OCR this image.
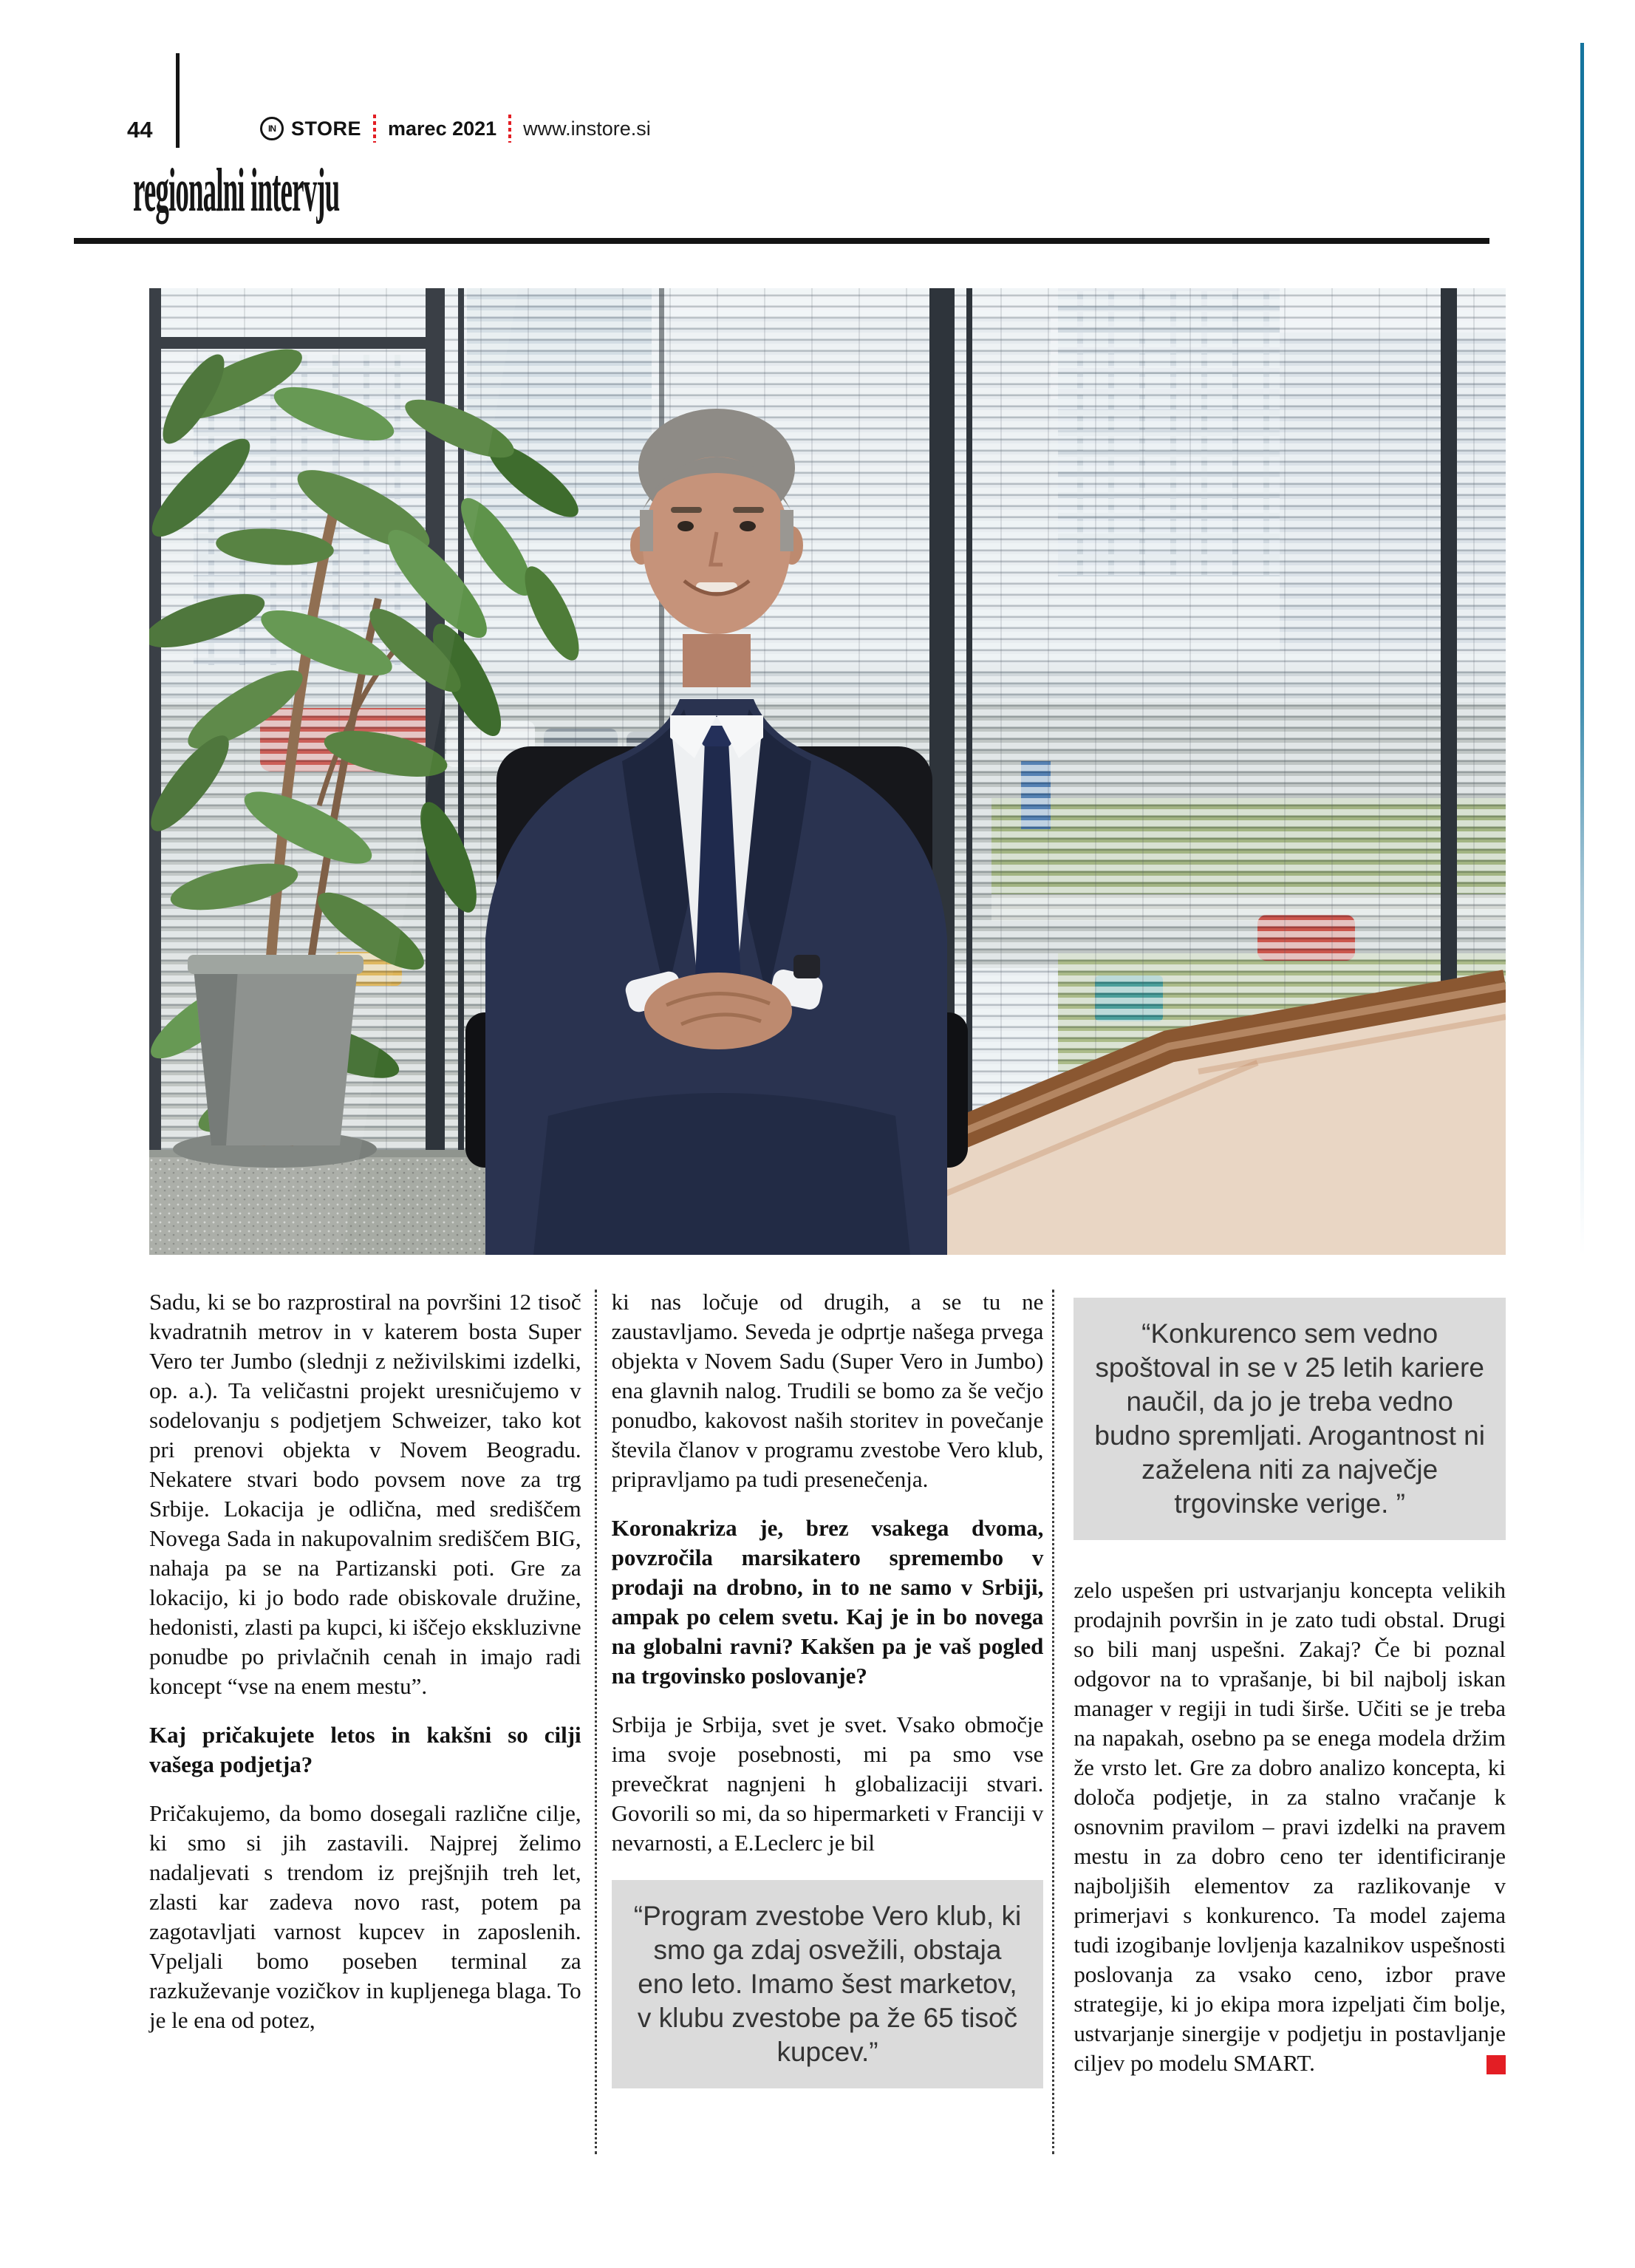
44	IN STORE marec 2021 www.instore.si
regionalni intervju
Sadu, ki se bo razprostiral na površini 12 tisoč kvadratnih metrov in v katerem bosta Super Vero ter Jumbo (slednji z neživilskimi izdelki, op. a.). Ta veličastni projekt uresničujemo v sodelovanju s podjetjem Schweizer, tako kot pri prenovi objekta v Novem Beogradu. Nekatere stvari bodo povsem nove za trg Srbije. Lokacija je odlična, med središčem Novega Sada in nakupovalnim središčem BIG, nahaja pa se na Partizanski poti. Gre za lokacijo, ki jo bodo rade obiskovale družine, hedonisti, zlasti pa kupci, ki iščejo ekskluzivne ponudbe po privlačnih cenah in imajo radi koncept “vse na enem mestu”.
Kaj pričakujete letos in kakšni so cilji vašega podjetja?
Pričakujemo, da bomo dosegali različne cilje, ki smo si jih zastavili. Najprej želimo nadaljevati s trendom iz prejšnjih treh let, zlasti kar zadeva novo rast, potem pa zagotavljati varnost kupcev in zaposlenih. Vpeljali bomo poseben terminal za razkuževanje vozičkov in kupljenega blaga. To je le ena od potez,
ki nas ločuje od drugih, a se tu ne zaustavljamo. Seveda je odprtje našega prvega objekta v Novem Sadu (Super Vero in Jumbo) ena glavnih nalog. Trudili se bomo za še večjo ponudbo, kakovost naših storitev in povečanje števila članov v programu zvestobe Vero klub, pripravljamo pa tudi presenečenja.
Koronakriza je, brez vsakega dvoma, povzročila marsikatero spremembo v prodaji na drobno, in to ne samo v Srbiji, ampak po celem svetu. Kaj je in bo novega na globalni ravni? Kakšen pa je vaš pogled na trgovinsko poslovanje?
Srbija je Srbija, svet je svet. Vsako območje ima svoje posebnosti, mi pa smo vse prevečkrat nagnjeni h globalizaciji stvari. Govorili so mi, da so hipermarketi v Franciji v nevarnosti, a E.Leclerc je bil
“Program zvestobe Vero klub, ki smo ga zdaj osvežili, obstaja eno leto. Imamo šest marketov, v klubu zvestobe pa že 65 tisoč kupcev.”
“Konkurenco sem vedno spoštoval in se v 25 letih kariere naučil, da jo je treba vedno budno spremljati. Arogantnost ni zaželena niti za največje trgovinske verige. ”
zelo uspešen pri ustvarjanju koncepta velikih prodajnih površin in je zato tudi obstal. Drugi so bili manj uspešni. Zakaj? Če bi poznal odgovor na to vprašanje, bi bil najbolj iskan manager v regiji in tudi širše. Učiti se je treba na napakah, osebno pa se enega modela držim že vrsto let. Gre za dobro analizo koncepta, ki določa podjetje, in za stalno vračanje k osnovnim pravilom – pravi izdelki na pravem mestu in za dobro ceno ter identificiranje najboljiših elementov za razlikovanje v primerjavi s konkurenco. Ta model zajema tudi izogibanje lovljenja kazalnikov uspešnosti poslovanja za vsako ceno, izbor prave strategije, ki jo ekipa mora izpeljati čim bolje, ustvarjanje sinergije v podjetju in postavljanje ciljev po modelu SMART.
